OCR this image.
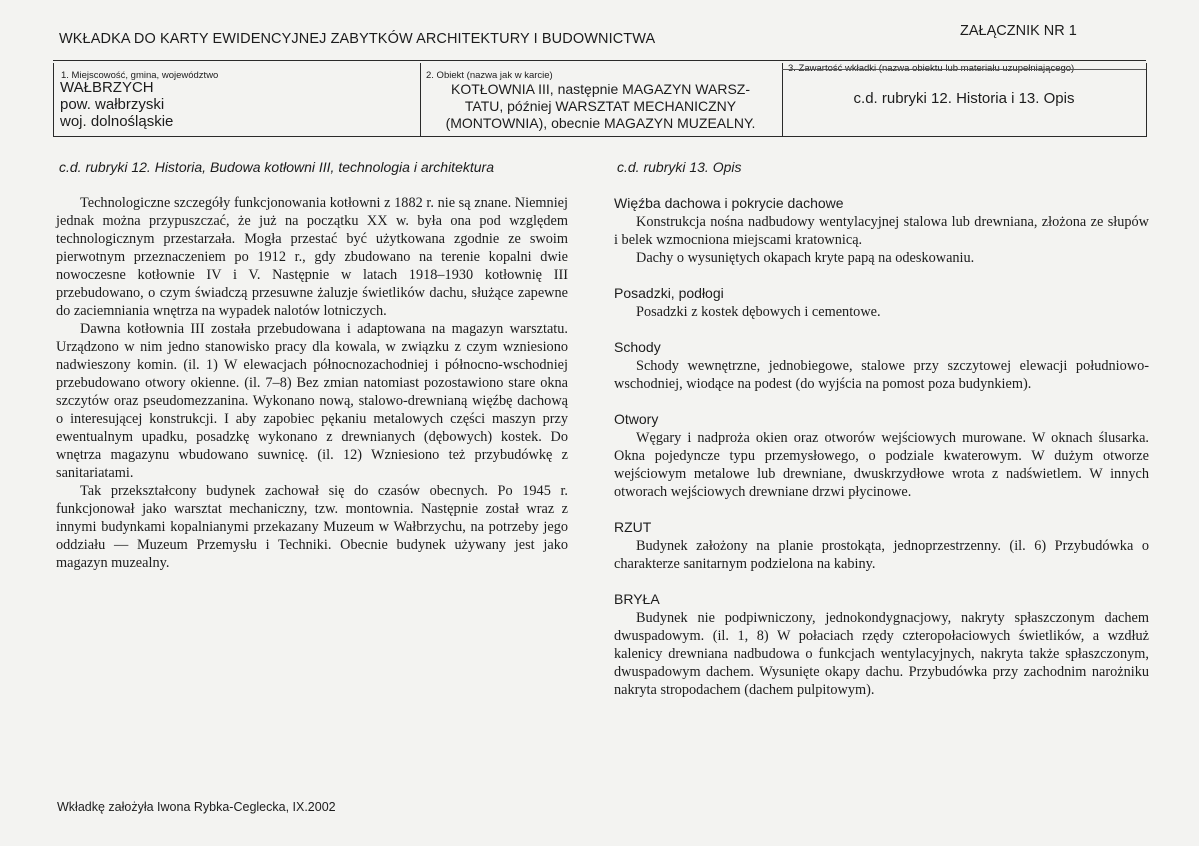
WKŁADKA DO KARTY EWIDENCYJNEJ ZABYTKÓW ARCHITEKTURY I BUDOWNICTWA	ZAŁĄCZNIK NR 1
1. Miejscowość, gmina, województwo
WAŁBRZYCH
pow. wałbrzyski
woj. dolnośląskie
2. Obiekt (nazwa jak w karcie)
KOTŁOWNIA III, następnie MAGAZYN WARSZ-
TATU, później WARSZTAT MECHANICZNY
(MONTOWNIA), obecnie MAGAZYN MUZEALNY.
3. Zawartość wkładki (nazwa obiektu lub materiału uzupełniającego)
c.d. rubryki 12. Historia i 13. Opis
c.d. rubryki 12. Historia, Budowa kotłowni III, technologia i architektura

Technologiczne szczegóły funkcjonowania kotłowni z 1882 r. nie są znane. Niemniej jednak można przypuszczać, że już na początku XX w. była ona pod względem technologicznym przestarzała. Mogła przestać być użytkowana zgodnie ze swoim pierwotnym przeznaczeniem po 1912 r., gdy zbudowano na terenie kopalni dwie nowoczesne kotłownie IV i V. Następnie w latach 1918–1930 kotłownię III przebudowano, o czym świadczą przesuwne żaluzje świetlików dachu, służące zapewne do zaciemniania wnętrza na wypadek nalotów lotniczych.

Dawna kotłownia III została przebudowana i adaptowana na magazyn warsztatu. Urządzono w nim jedno stanowisko pracy dla kowala, w związku z czym wzniesiono nadwieszony komin. (il. 1) W elewacjach północnozachodniej i północno-wschodniej przebudowano otwory okienne. (il. 7–8) Bez zmian natomiast pozostawiono stare okna szczytów oraz pseudomezzanina. Wykonano nową, stalowo-drewnianą więźbę dachową o interesującej konstrukcji. I aby zapobiec pękaniu metalowych części maszyn przy ewentualnym upadku, posadzkę wykonano z drewnianych (dębowych) kostek. Do wnętrza magazynu wbudowano suwnicę. (il. 12) Wzniesiono też przybudówkę z sanitariatami.

Tak przekształcony budynek zachował się do czasów obecnych. Po 1945 r. funkcjonował jako warsztat mechaniczny, tzw. montownia. Następnie został wraz z innymi budynkami kopalnianymi przekazany Muzeum w Wałbrzychu, na potrzeby jego oddziału — Muzeum Przemysłu i Techniki. Obecnie budynek używany jest jako magazyn muzealny.

c.d. rubryki 13. Opis
Więźba dachowa i pokrycie dachowe

Konstrukcja nośna nadbudowy wentylacyjnej stalowa lub drewniana, złożona ze słupów i belek wzmocniona miejscami kratownicą.

Dachy o wysuniętych okapach kryte papą na odeskowaniu.

Posadzki, podłogi

Posadzki z kostek dębowych i cementowe.

Schody

Schody wewnętrzne, jednobiegowe, stalowe przy szczytowej elewacji południowo-wschodniej, wiodące na podest (do wyjścia na pomost poza budynkiem).

Otwory

Węgary i nadproża okien oraz otworów wejściowych murowane. W oknach ślusarka. Okna pojedyncze typu przemysłowego, o podziale kwaterowym. W dużym otworze wejściowym metalowe lub drewniane, dwuskrzydłowe wrota z nadświetlem. W innych otworach wejściowych drewniane drzwi płycinowe.

RZUT

Budynek założony na planie prostokąta, jednoprzestrzenny. (il. 6) Przybudówka o charakterze sanitarnym podzielona na kabiny.

BRYŁA

Budynek nie podpiwniczony, jednokondygnacjowy, nakryty spłaszczonym dachem dwuspadowym. (il. 1, 8) W połaciach rzędy czteropołaciowych świetlików, a wzdłuż kalenicy drewniana nadbudowa o funkcjach wentylacyjnych, nakryta także spłaszczonym, dwuspadowym dachem. Wysunięte okapy dachu. Przybudówka przy zachodnim narożniku nakryta stropodachem (dachem pulpitowym).

Wkładkę założyła Iwona Rybka-Ceglecka, IX.2002
